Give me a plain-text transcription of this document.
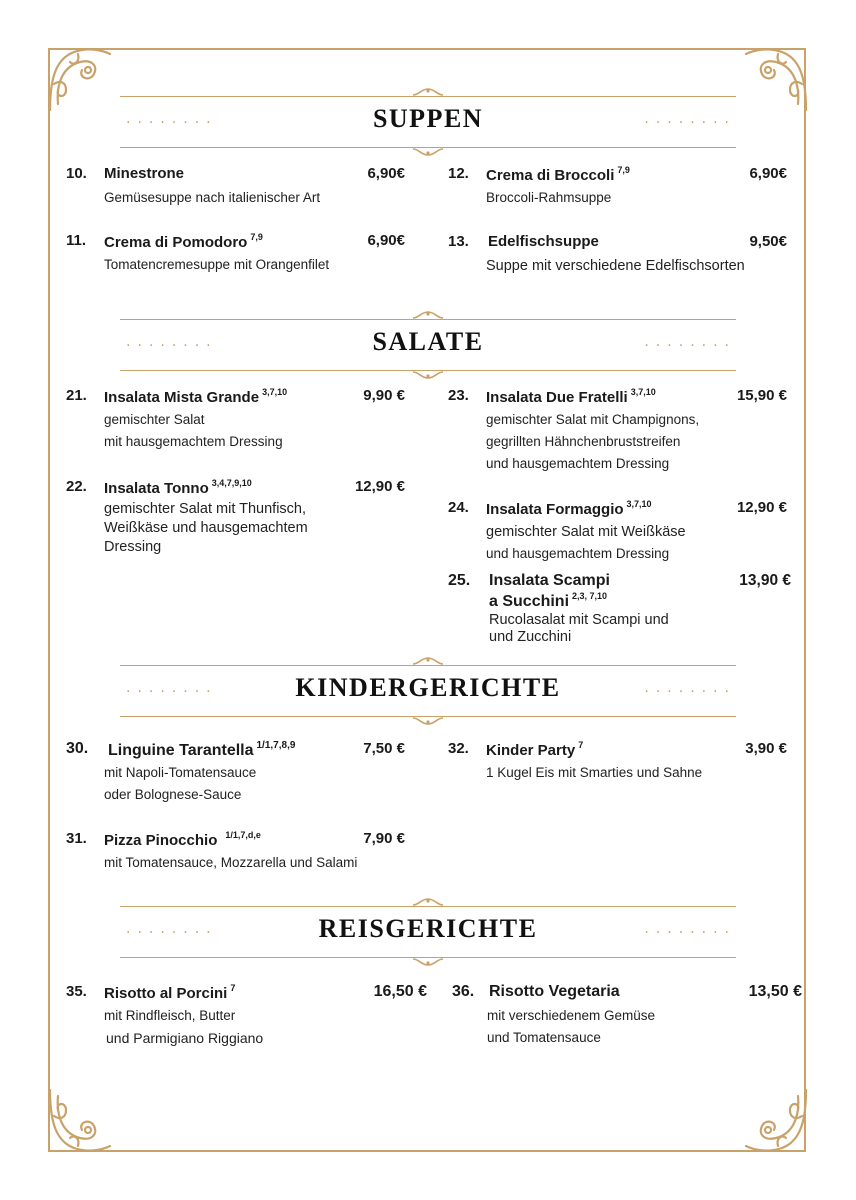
········	SUPPEN	········
10. Minestrone	6,90€
Gemüsesuppe nach italienischer Art
12. Crema di Broccoli $^{7,9}$	6,90€
Broccoli-Rahmsuppe
11. Crema di Pomodoro $^{7,9}$	6,90€
Tomatencremesuppe mit Orangenfilet
13. Edelfischsuppe	9,50€
Suppe mit verschiedene Edelfischsorten
········	SALATE	········
21. Insalata Mista Grande $^{3,7,10}$	9,90 €
gemischter Salat
mit hausgemachtem Dressing
23. Insalata Due Fratelli $^{3,7,10}$	15,90 €
gemischter Salat mit Champignons,
gegrillten Hähnchenbruststreifen
und hausgemachtem Dressing
22. Insalata Tonno $^{3,4,7,9,10}$	12,90 €
gemischter Salat mit Thunfisch,
Weißkäse und hausgemachtem
Dressing
24. Insalata Formaggio $^{3,7,10}$	12,90 €
gemischter Salat mit Weißkäse
und hausgemachtem Dressing
25. Insalata Scampi	13,90 €
a Succhini $^{2,3, 7,10}$
Rucolasalat mit Scampi und
und Zucchini
········	KINDERGERICHTE	········
30. Linguine Tarantella $^{1/1,7,8,9}$	7,50 €
mit Napoli-Tomatensauce
oder Bolognese-Sauce
32. Kinder Party $^7$	3,90 €
1 Kugel Eis mit Smarties und Sahne
31. Pizza Pinocchio $^{1/1,7,d,e}$	7,90 €
mit Tomatensauce, Mozzarella und Salami
········	REISGERICHTE	········
35. Risotto al Porcini $^7$	16,50 €
mit Rindfleisch, Butter
und Parmigiano Riggiano
36. Risotto Vegetaria	13,50 €
mit verschiedenem Gemüse
und Tomatensauce
